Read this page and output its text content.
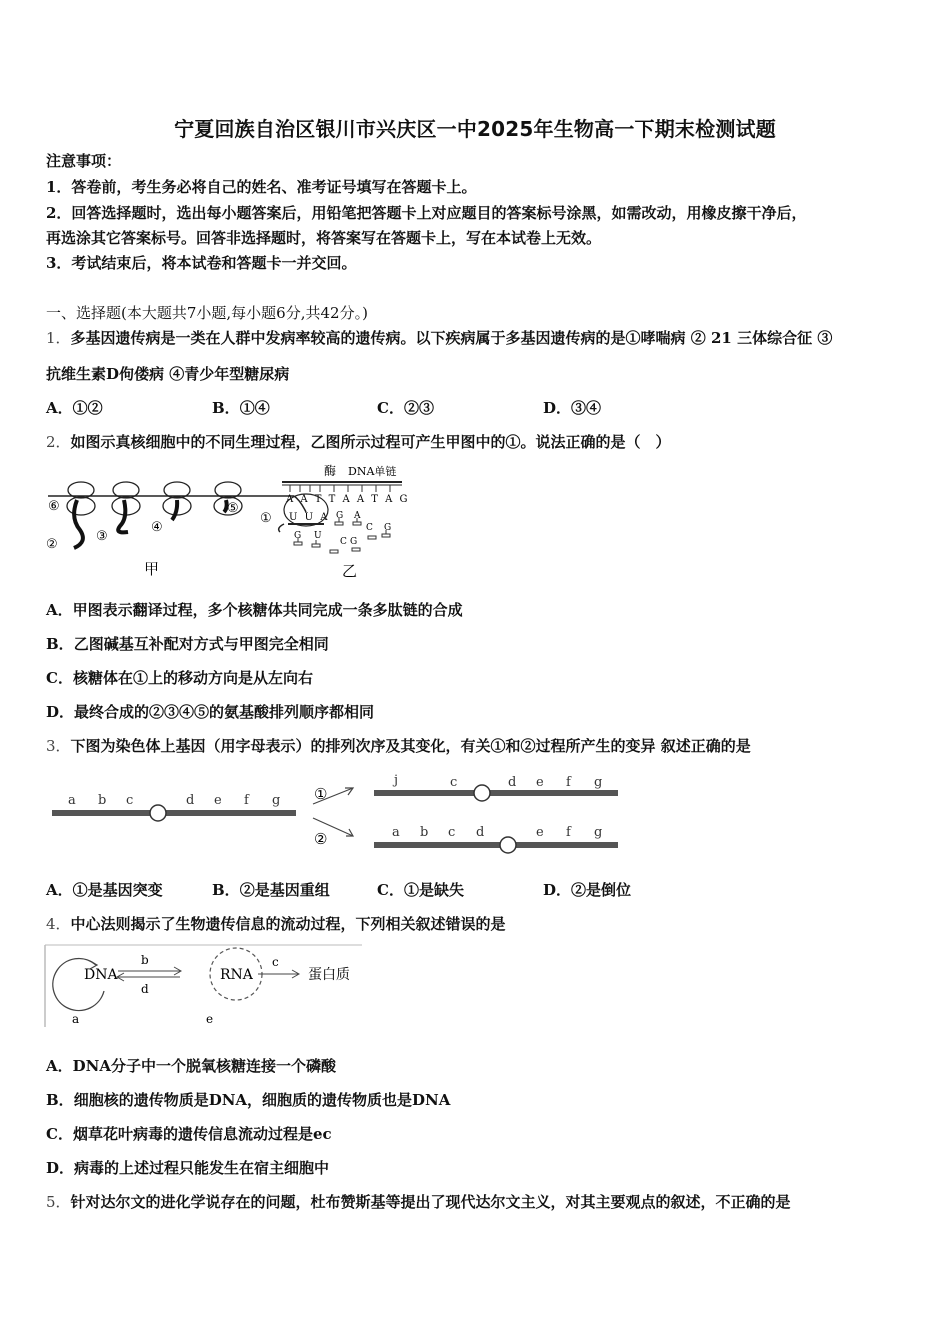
宁夏回族自治区银川市兴庆区一中2025年生物高一下期末检测试题
注意事项：
1．答卷前，考生务必将自己的姓名、准考证号填写在答题卡上。
2．回答选择题时，选出每小题答案后，用铅笔把答题卡上对应题目的答案标号涂黑，如需改动，用橡皮擦干净后，
再选涂其它答案标号。回答非选择题时，将答案写在答题卡上，写在本试卷上无效。
3．考试结束后，将本试卷和答题卡一并交回。
一、选择题(本大题共7小题,每小题6分,共42分。)
1．多基因遗传病是一类在人群中发病率较高的遗传病。以下疾病属于多基因遗传病的是①哮喘病 ② 21 三体综合征 ③
抗维生素D佝偻病 ④青少年型糖尿病
A．①②	B．①④	C．②③	D．③④
2．如图示真核细胞中的不同生理过程，乙图所示过程可产生甲图中的①。说法正确的是（　）
⑥
②
③
④
⑤
①
甲
酶 DNA单链
A A T T A A T A G
U U A G A
C G
U
G
C G
乙
A．甲图表示翻译过程，多个核糖体共同完成一条多肽链的合成
B．乙图碱基互补配对方式与甲图完全相同
C．核糖体在①上的移动方向是从左向右
D．最终合成的②③④⑤的氨基酸排列顺序都相同
3．下图为染色体上基因（用字母表示）的排列次序及其变化，有关①和②过程所产生的变异 叙述正确的是
a b c	d e f g ①
②
j	c	d e f g
a b c d	e f g
A．①是基因突变	B．②是基因重组	C．①是缺失	D．②是倒位
4．中心法则揭示了生物遗传信息的流动过程，下列相关叙述错误的是
DNA
a
b
d
RNA
e
c
蛋白质
A．DNA分子中一个脱氧核糖连接一个磷酸
B．细胞核的遗传物质是DNA，细胞质的遗传物质也是DNA
C．烟草花叶病毒的遗传信息流动过程是ec
D．病毒的上述过程只能发生在宿主细胞中
5．针对达尔文的进化学说存在的问题，杜布赞斯基等提出了现代达尔文主义，对其主要观点的叙述，不正确的是
